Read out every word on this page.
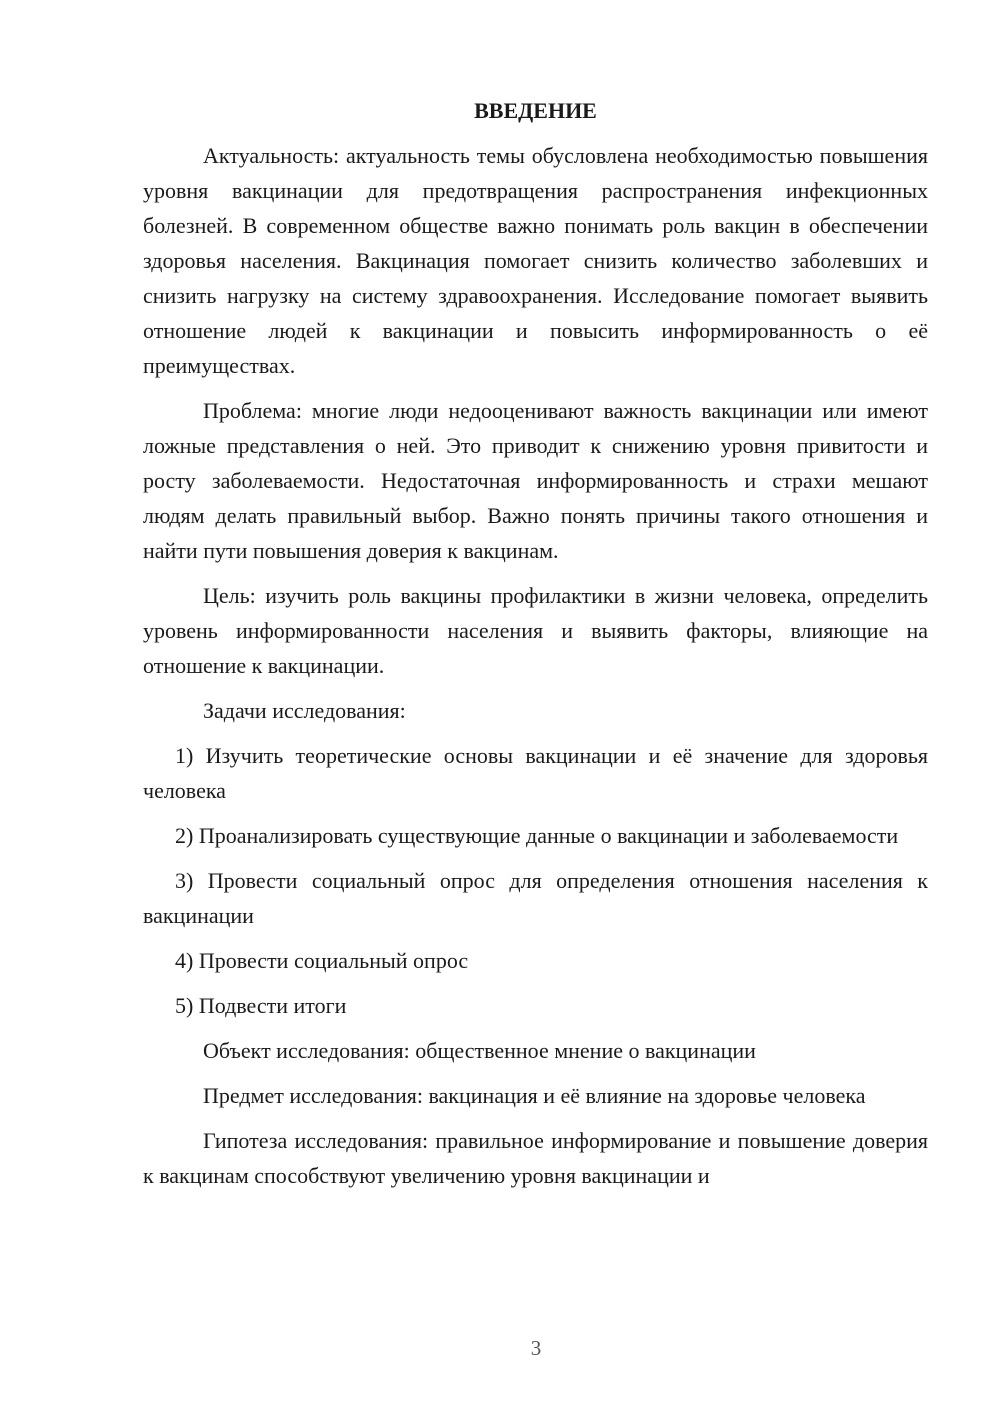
ВВЕДЕНИЕ

Актуальность: актуальность темы обусловлена необходимостью повышения уровня вакцинации для предотвращения распространения инфекционных болезней. В современном обществе важно понимать роль вакцин в обеспечении здоровья населения. Вакцинация помогает снизить количество заболевших и снизить нагрузку на систему здравоохранения. Исследование помогает выявить отношение людей к вакцинации и повысить информированность о её преимуществах.

Проблема: многие люди недооценивают важность вакцинации или имеют ложные представления о ней. Это приводит к снижению уровня привитости и росту заболеваемости. Недостаточная информированность и страхи мешают людям делать правильный выбор. Важно понять причины такого отношения и найти пути повышения доверия к вакцинам.

Цель: изучить роль вакцины профилактики в жизни человека, определить уровень информированности населения и выявить факторы, влияющие на отношение к вакцинации.

Задачи исследования:

1) Изучить теоретические основы вакцинации и её значение для здоровья человека

2) Проанализировать существующие данные о вакцинации и заболеваемости

3) Провести социальный опрос для определения отношения населения к вакцинации

4) Провести социальный опрос

5) Подвести итоги

Объект исследования: общественное мнение о вакцинации

Предмет исследования: вакцинация и её влияние на здоровье человека

Гипотеза исследования: правильное информирование и повышение доверия к вакцинам способствуют увеличению уровня вакцинации и

3
